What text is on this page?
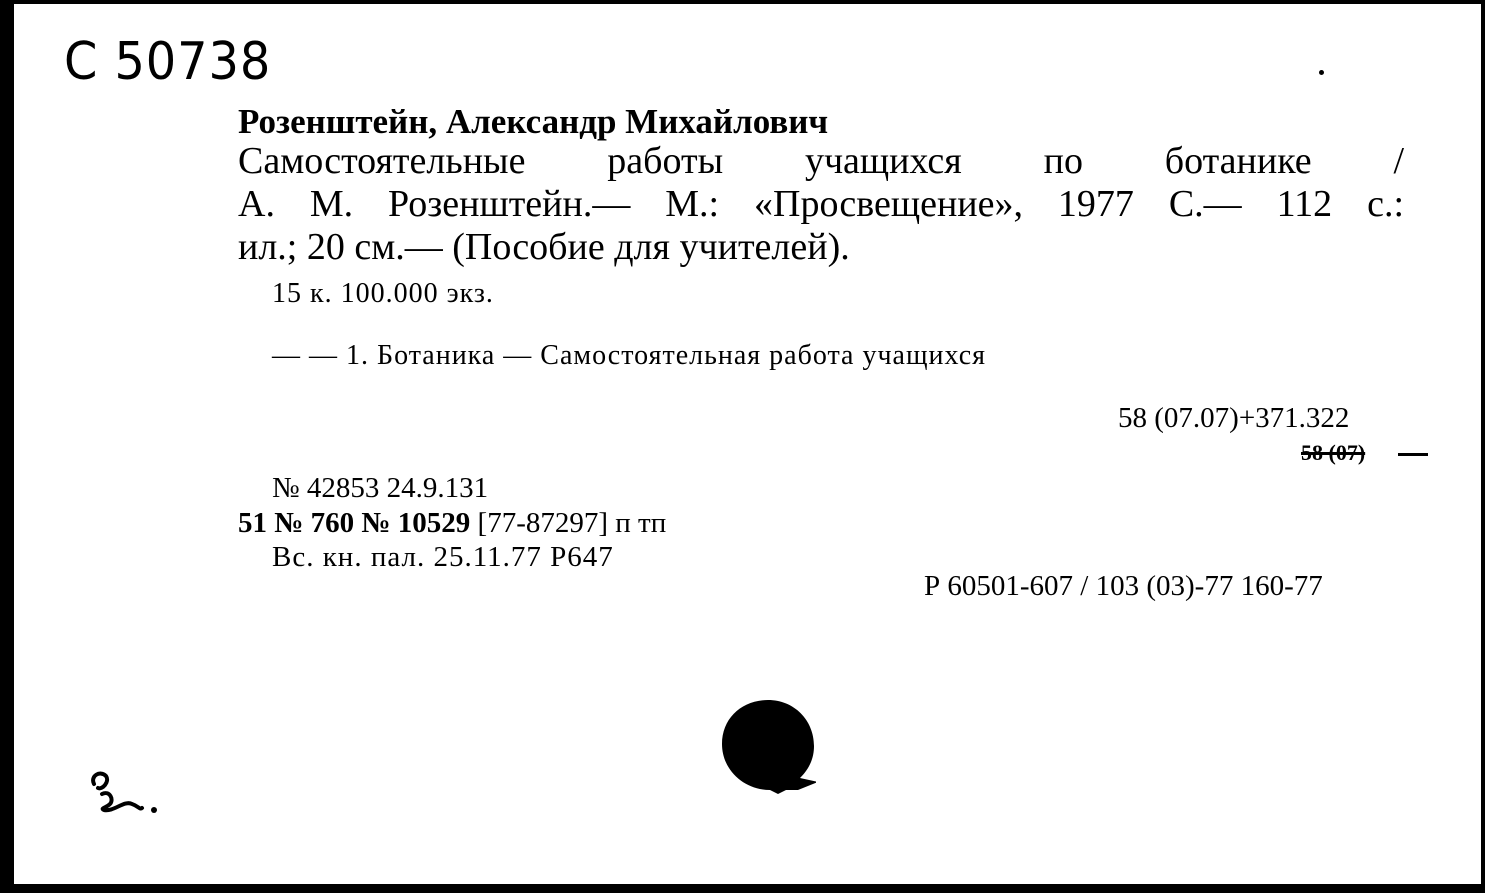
С 50738
Розенштейн, Александр Михайлович
Самостоятельные работы учащихся по ботанике /
А. М. Розенштейн.— М.: «Просвещение», 1977 С.— 112 с.:
ил.; 20 см.— (Пособие для учителей).
15 к. 100.000 экз.
— — 1. Ботаника — Самостоятельная работа учащихся
58 (07.07)+371.322
58 (07)
№ 42853 24.9.131
51 № 760 № 10529 [77-87297] п тп
Вс. кн. пал. 25.11.77 Р647
Р 60501-607 / 103 (03)-77 160-77
